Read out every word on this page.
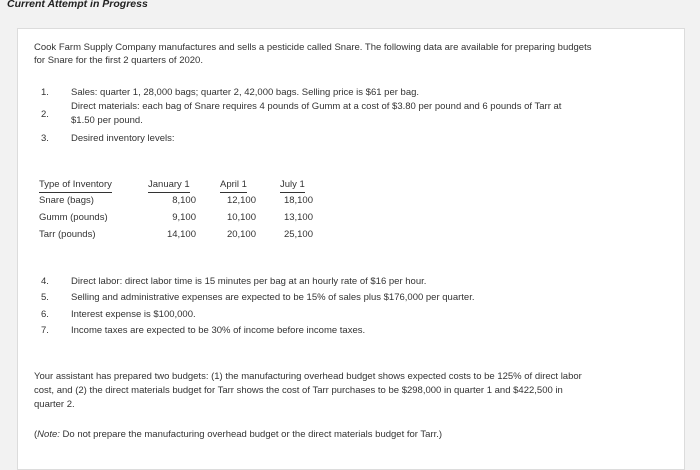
Current Attempt in Progress
Cook Farm Supply Company manufactures and sells a pesticide called Snare. The following data are available for preparing budgets
for Snare for the first 2 quarters of 2020.
1. Sales: quarter 1, 28,000 bags; quarter 2, 42,000 bags. Selling price is $61 per bag.
2.
Direct materials: each bag of Snare requires 4 pounds of Gumm at a cost of $3.80 per pound and 6 pounds of Tarr at
$1.50 per pound.
3. Desired inventory levels:
Type of Inventory	January 1	April 1	July 1
Snare (bags)	8,100	12,100	18,100
Gumm (pounds)	9,100	10,100	13,100
Tarr (pounds)	14,100	20,100	25,100
4. Direct labor: direct labor time is 15 minutes per bag at an hourly rate of $16 per hour.
5. Selling and administrative expenses are expected to be 15% of sales plus $176,000 per quarter.
6. Interest expense is $100,000.
7. Income taxes are expected to be 30% of income before income taxes.
Your assistant has prepared two budgets: (1) the manufacturing overhead budget shows expected costs to be 125% of direct labor
cost, and (2) the direct materials budget for Tarr shows the cost of Tarr purchases to be $298,000 in quarter 1 and $422,500 in
quarter 2.
(Note: Do not prepare the manufacturing overhead budget or the direct materials budget for Tarr.)
